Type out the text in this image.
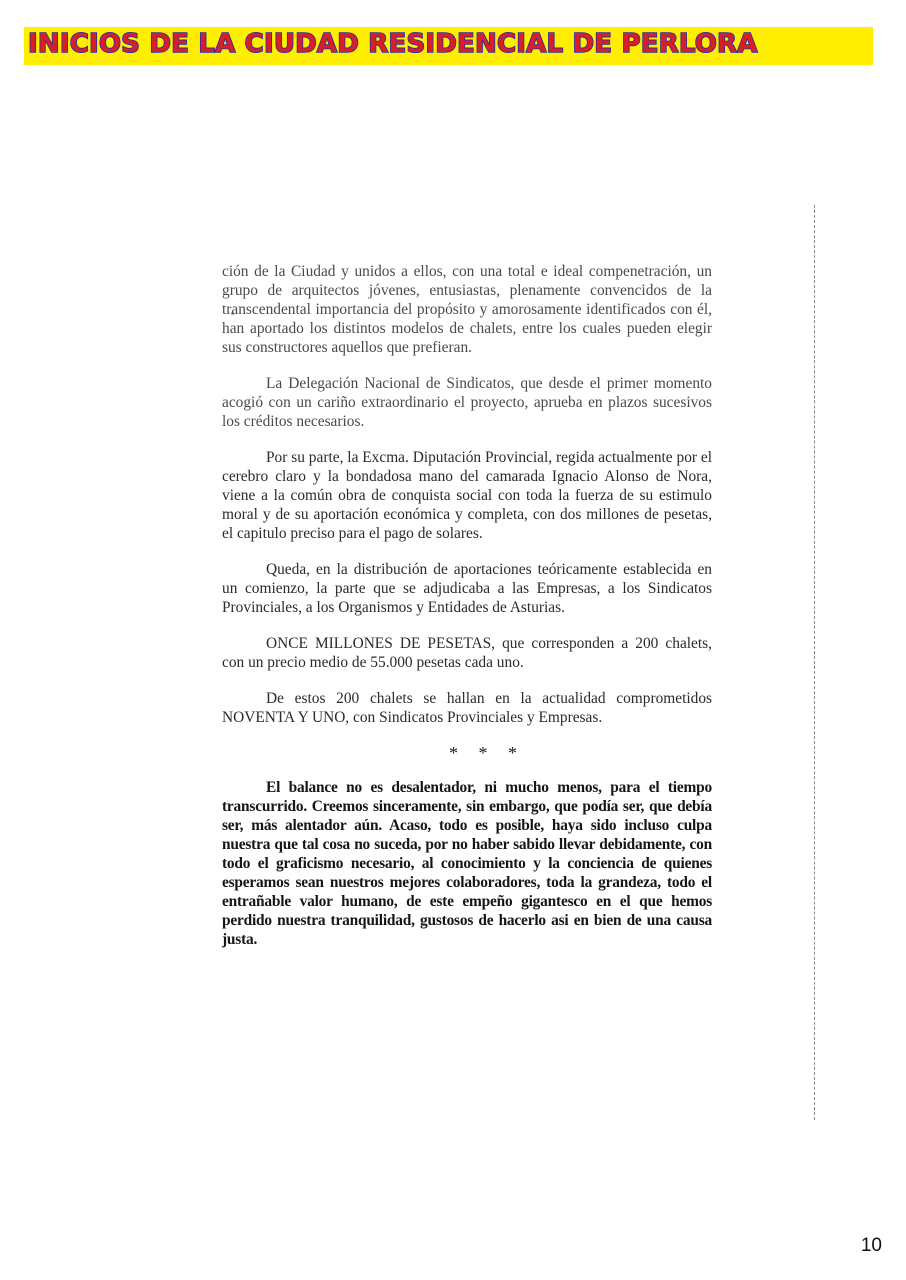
INICIOS DE LA CIUDAD RESIDENCIAL DE PERLORA

ción de la Ciudad y unidos a ellos, con una total e ideal compenetración, un grupo de arquitectos jóvenes, entusiastas, plenamente convencidos de la transcendental importancia del propósito y amorosamente identificados con él, han aportado los distintos modelos de chalets, entre los cuales pueden elegir sus constructores aquellos que prefieran.

La Delegación Nacional de Sindicatos, que desde el primer momento acogió con un cariño extraordinario el proyecto, aprueba en plazos sucesivos los créditos necesarios.

Por su parte, la Excma. Diputación Provincial, regida actualmente por el cerebro claro y la bondadosa mano del camarada Ignacio Alonso de Nora, viene a la común obra de conquista social con toda la fuerza de su estimulo moral y de su aportación económica y completa, con dos millones de pesetas, el capitulo preciso para el pago de solares.

Queda, en la distribución de aportaciones teóricamente establecida en un comienzo, la parte que se adjudicaba a las Empresas, a los Sindicatos Provinciales, a los Organismos y Entidades de Asturias.

ONCE MILLONES DE PESETAS, que corresponden a 200 chalets, con un precio medio de 55.000 pesetas cada uno.

De estos 200 chalets se hallan en la actualidad comprometidos NOVENTA Y UNO, con Sindicatos Provinciales y Empresas.

* * *

El balance no es desalentador, ni mucho menos, para el tiempo transcurrido. Creemos sinceramente, sin embargo, que podía ser, que debía ser, más alentador aún. Acaso, todo es posible, haya sido incluso culpa nuestra que tal cosa no suceda, por no haber sabido llevar debidamente, con todo el graficismo necesario, al conocimiento y la conciencia de quienes esperamos sean nuestros mejores colaboradores, toda la grandeza, todo el entrañable valor humano, de este empeño gigantesco en el que hemos perdido nuestra tranquilidad, gustosos de hacerlo asi en bien de una causa justa.

10
